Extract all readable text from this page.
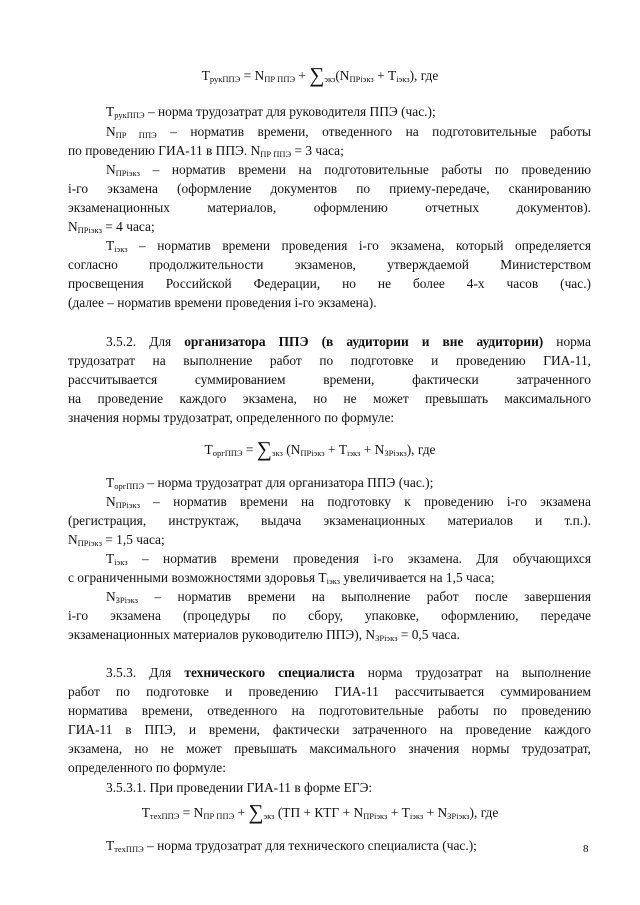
$T_{рукППЭ} = N_{ПР ППЭ} + \sum_{экз}(N_{ПРiэкз} + T_{iэкз})$, где
$T_{рукППЭ}$ – норма трудозатрат для руководителя ППЭ (час.);
$N_{ПР ППЭ}$ – норматив времени, отведенного на подготовительные работы
по проведению ГИА-11 в ППЭ. $N_{ПР ППЭ} = 3$ часа;
$N_{ПРiэкз}$ – норматив времени на подготовительные работы по проведению
i-го экзамена (оформление документов по приему-передаче, сканированию
экзаменационных материалов, оформлению отчетных документов).
$N_{ПРiэкз} = 4$ часа;
$T_{iэкз}$ – норматив времени проведения i-го экзамена, который определяется
согласно продолжительности экзаменов, утверждаемой Министерством
просвещения Российской Федерации, но не более 4-х часов (час.)
(далее – норматив времени проведения i-го экзамена).
3.5.2. Для организатора ППЭ (в аудитории и вне аудитории) норма
трудозатрат на выполнение работ по подготовке и проведению ГИА-11,
рассчитывается суммированием времени, фактически затраченного
на проведение каждого экзамена, но не может превышать максимального
значения нормы трудозатрат, определенного по формуле:
$T_{оргППЭ} = \sum_{экз}$ $(N_{ПРiэкз} + T_{iэкз} + N_{ЗРiэкз})$, где
$T_{оргППЭ}$ – норма трудозатрат для организатора ППЭ (час.);
$N_{ПРiэкз}$ – норматив времени на подготовку к проведению i-го экзамена
(регистрация, инструктаж, выдача экзаменационных материалов и т.п.).
$N_{ПРiэкз} = 1,5$ часа;
$T_{iэкз}$ – норматив времени проведения i-го экзамена. Для обучающихся
с ограниченными возможностями здоровья $T_{iэкз}$ увеличивается на 1,5 часа;
$N_{ЗРiэкз}$ – норматив времени на выполнение работ после завершения
i-го экзамена (процедуры по сбору, упаковке, оформлению, передаче
экзаменационных материалов руководителю ППЭ), $N_{ЗРiэкз} = 0,5$ часа.
3.5.3. Для технического специалиста норма трудозатрат на выполнение
работ по подготовке и проведению ГИА-11 рассчитывается суммированием
норматива времени, отведенного на подготовительные работы по проведению
ГИА-11 в ППЭ, и времени, фактически затраченного на проведение каждого
экзамена, но не может превышать максимального значения нормы трудозатрат,
определенного по формуле:
3.5.3.1. При проведении ГИА-11 в форме ЕГЭ:
$T_{техППЭ} = N_{ПР ППЭ} + \sum_{экз}$ (ТП + КТГ + $N_{ПРiэкз} + T_{iэкз} + N_{ЗРiэкз}$), где
$T_{техППЭ}$ – норма трудозатрат для технического специалиста (час.);	8
